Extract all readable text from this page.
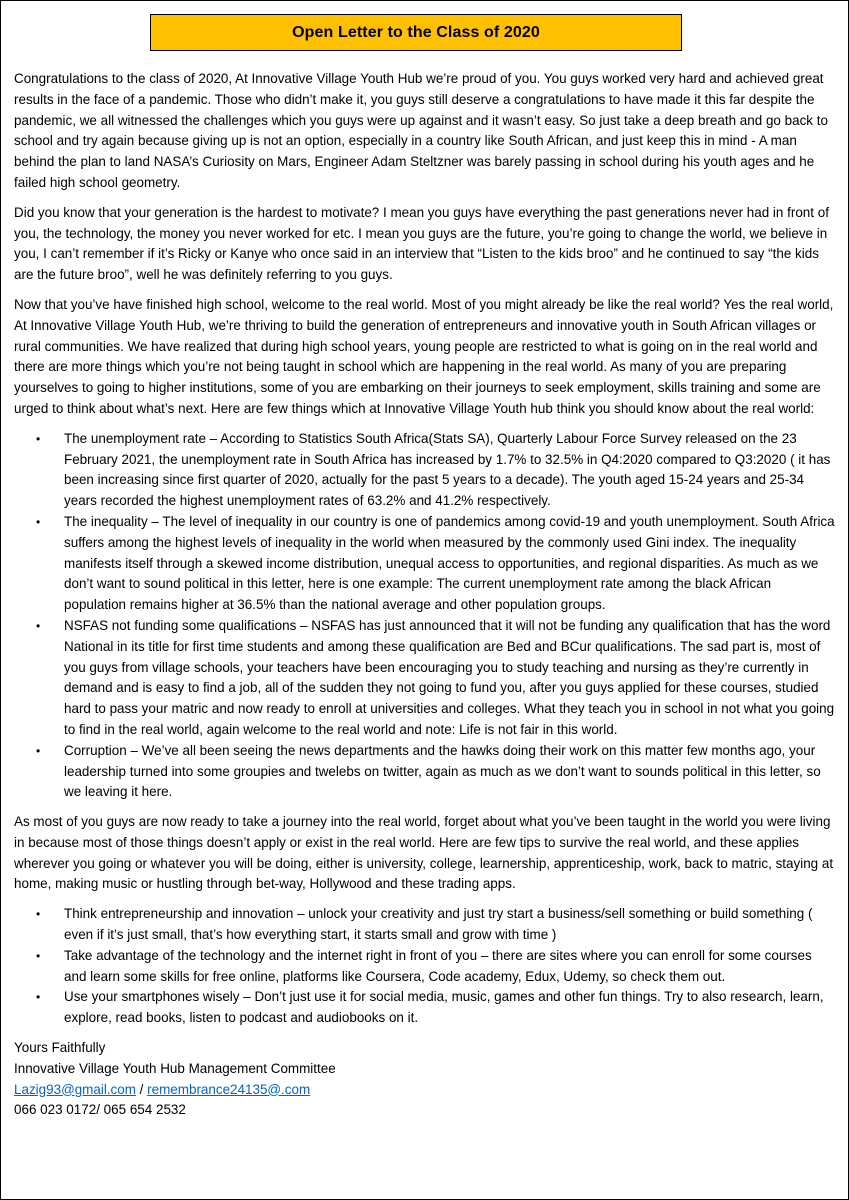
Open Letter to the Class of 2020

Congratulations to the class of 2020, At Innovative Village Youth Hub we’re proud of you. You guys worked very hard and achieved great results in the face of a pandemic. Those who didn’t make it, you guys still deserve a congratulations to have made it this far despite the pandemic, we all witnessed the challenges which you guys were up against and it wasn’t easy. So just take a deep breath and go back to school and try again because giving up is not an option, especially in a country like South African, and just keep this in mind - A man behind the plan to land NASA’s Curiosity on Mars, Engineer Adam Steltzner was barely passing in school during his youth ages and he failed high school geometry.

Did you know that your generation is the hardest to motivate? I mean you guys have everything the past generations never had in front of you, the technology, the money you never worked for etc. I mean you guys are the future, you’re going to change the world, we believe in you, I can’t remember if it’s Ricky or Kanye who once said in an interview that “Listen to the kids broo” and he continued to say “the kids are the future broo”, well he was definitely referring to you guys.

Now that you’ve have finished high school, welcome to the real world. Most of you might already be like the real world? Yes the real world, At Innovative Village Youth Hub, we’re thriving to build the generation of entrepreneurs and innovative youth in South African villages or rural communities. We have realized that during high school years, young people are restricted to what is going on in the real world and there are more things which you’re not being taught in school which are happening in the real world. As many of you are preparing yourselves to going to higher institutions, some of you are embarking on their journeys to seek employment, skills training and some are urged to think about what’s next. Here are few things which at Innovative Village Youth hub think you should know about the real world:

• The unemployment rate – According to Statistics South Africa(Stats SA), Quarterly Labour Force Survey released on the 23 February 2021, the unemployment rate in South Africa has increased by 1.7% to 32.5% in Q4:2020 compared to Q3:2020 ( it has been increasing since first quarter of 2020, actually for the past 5 years to a decade). The youth aged 15-24 years and 25-34 years recorded the highest unemployment rates of 63.2% and 41.2% respectively.
• The inequality – The level of inequality in our country is one of pandemics among covid-19 and youth unemployment. South Africa suffers among the highest levels of inequality in the world when measured by the commonly used Gini index. The inequality manifests itself through a skewed income distribution, unequal access to opportunities, and regional disparities. As much as we don’t want to sound political in this letter, here is one example: The current unemployment rate among the black African population remains higher at 36.5% than the national average and other population groups.
• NSFAS not funding some qualifications – NSFAS has just announced that it will not be funding any qualification that has the word National in its title for first time students and among these qualification are Bed and BCur qualifications. The sad part is, most of you guys from village schools, your teachers have been encouraging you to study teaching and nursing as they’re currently in demand and is easy to find a job, all of the sudden they not going to fund you, after you guys applied for these courses, studied hard to pass your matric and now ready to enroll at universities and colleges. What they teach you in school in not what you going to find in the real world, again welcome to the real world and note: Life is not fair in this world.
• Corruption – We’ve all been seeing the news departments and the hawks doing their work on this matter few months ago, your leadership turned into some groupies and twelebs on twitter, again as much as we don’t want to sounds political in this letter, so we leaving it here.

As most of you guys are now ready to take a journey into the real world, forget about what you’ve been taught in the world you were living in because most of those things doesn’t apply or exist in the real world. Here are few tips to survive the real world, and these applies wherever you going or whatever you will be doing, either is university, college, learnership, apprenticeship, work, back to matric, staying at home, making music or hustling through bet-way, Hollywood and these trading apps.

• Think entrepreneurship and innovation – unlock your creativity and just try start a business/sell something or build something ( even if it’s just small, that’s how everything start, it starts small and grow with time )
• Take advantage of the technology and the internet right in front of you – there are sites where you can enroll for some courses and learn some skills for free online, platforms like Coursera, Code academy, Edux, Udemy, so check them out.
• Use your smartphones wisely – Don’t just use it for social media, music, games and other fun things. Try to also research, learn, explore, read books, listen to podcast and audiobooks on it.
Yours Faithfully
Innovative Village Youth Hub Management Committee
Lazig93@gmail.com / remembrance24135@.com
066 023 0172/ 065 654 2532
